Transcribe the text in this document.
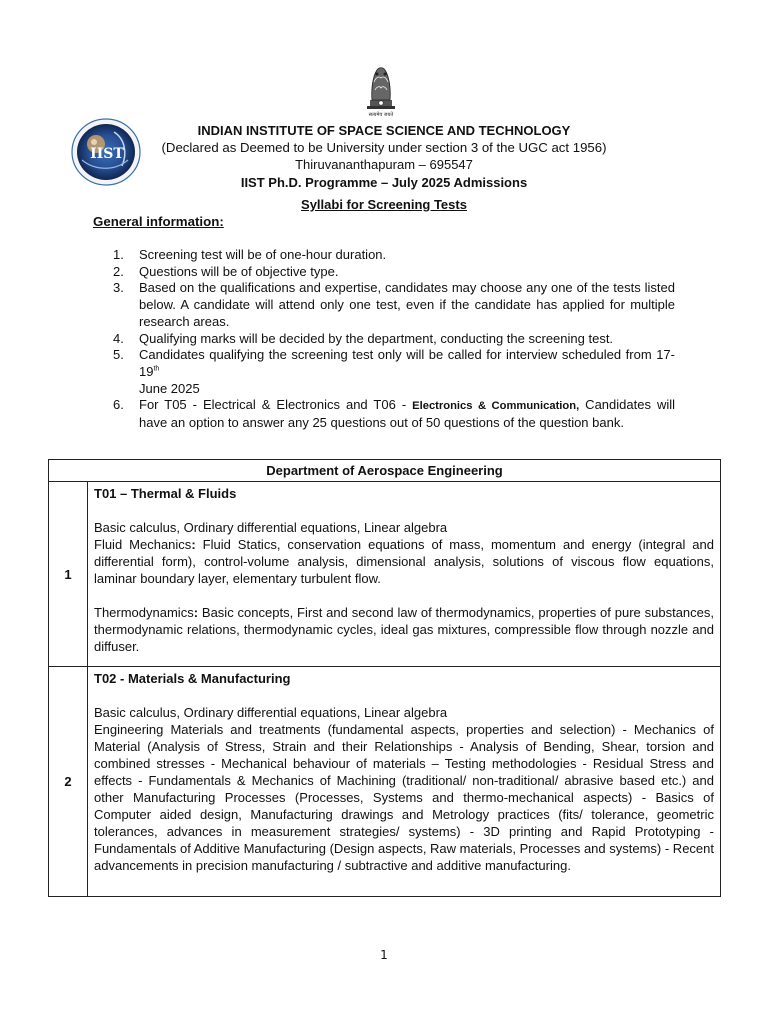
सत्यमेव जयते
IIST
INDIAN INSTITUTE OF SPACE SCIENCE AND TECHNOLOGY
(Declared as Deemed to be University under section 3 of the UGC act 1956)
Thiruvananthapuram – 695547
IIST Ph.D. Programme – July 2025 Admissions
Syllabi for Screening Tests
General information:
1. Screening test will be of one-hour duration.
2. Questions will be of objective type.
3. Based on the qualifications and expertise, candidates may choose any one of the tests listed below. A candidate will attend only one test, even if the candidate has applied for multiple research areas.
4. Qualifying marks will be decided by the department, conducting the screening test.
5. Candidates qualifying the screening test only will be called for interview scheduled from 17-19th
June 2025
6. For T05 - Electrical & Electronics and T06 - Electronics & Communication, Candidates will have an option to answer any 25 questions out of 50 questions of the question bank.
Department of Aerospace Engineering	
1	T01 – Thermal & Fluids
Basic calculus, Ordinary differential equations, Linear algebra
Fluid Mechanics: Fluid Statics, conservation equations of mass, momentum and energy (integral and differential form), control-volume analysis, dimensional analysis, solutions of viscous flow equations, laminar boundary layer, elementary turbulent flow.
Thermodynamics: Basic concepts, First and second law of thermodynamics, properties of pure substances, thermodynamic relations, thermodynamic cycles, ideal gas mixtures, compressible flow through nozzle and diffuser.

2	T02 - Materials & Manufacturing
Basic calculus, Ordinary differential equations, Linear algebra
Engineering Materials and treatments (fundamental aspects, properties and selection) - Mechanics of Material (Analysis of Stress, Strain and their Relationships - Analysis of Bending, Shear, torsion and combined stresses - Mechanical behaviour of materials – Testing methodologies - Residual Stress and effects - Fundamentals & Mechanics of Machining (traditional/ non-traditional/ abrasive based etc.) and other Manufacturing Processes (Processes, Systems and thermo-mechanical aspects) - Basics of Computer aided design, Manufacturing drawings and Metrology practices (fits/ tolerance, geometric tolerances, advances in measurement strategies/ systems) - 3D printing and Rapid Prototyping - Fundamentals of Additive Manufacturing (Design aspects, Raw materials, Processes and systems) - Recent advancements in precision manufacturing / subtractive and additive manufacturing.
1
